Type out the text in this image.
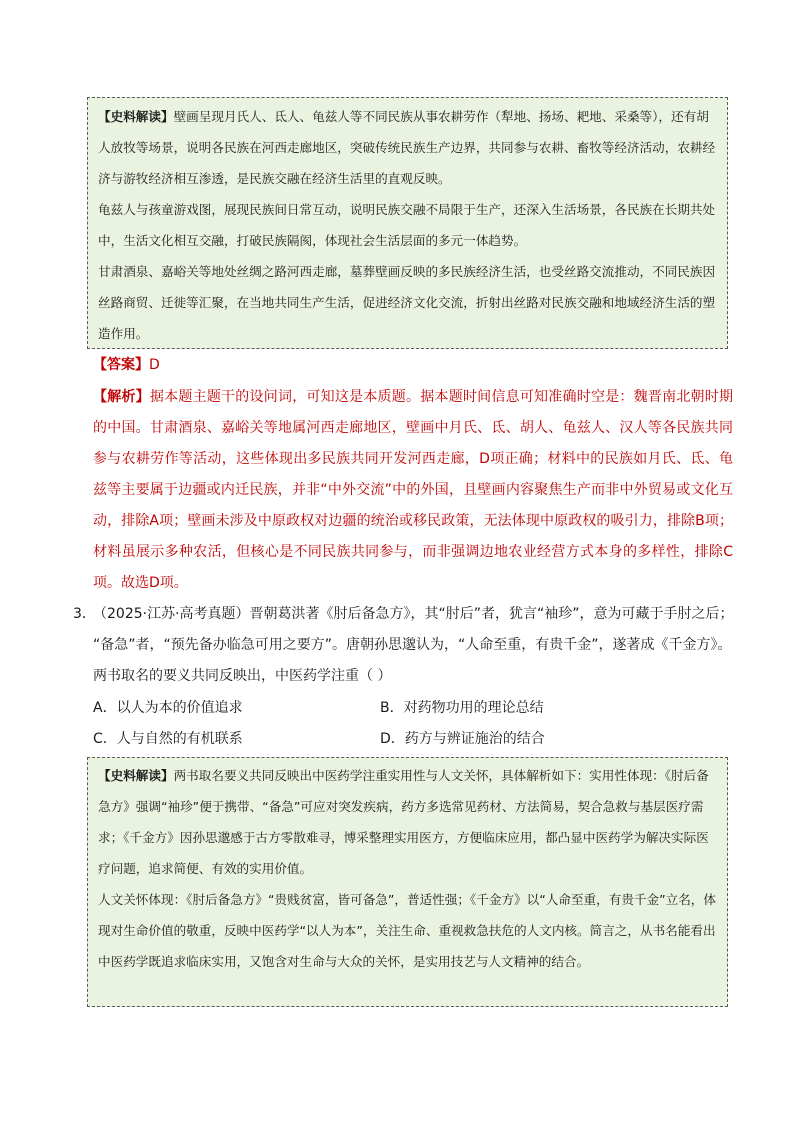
【史料解读】壁画呈现月氏人、氐人、龟兹人等不同民族从事农耕劳作（犁地、扬场、耙地、采桑等），还有胡人放牧等场景，说明各民族在河西走廊地区，突破传统民族生产边界，共同参与农耕、畜牧等经济活动，农耕经济与游牧经济相互渗透，是民族交融在经济生活里的直观反映。

龟兹人与孩童游戏图，展现民族间日常互动，说明民族交融不局限于生产，还深入生活场景，各民族在长期共处中，生活文化相互交融，打破民族隔阂，体现社会生活层面的多元一体趋势。

甘肃酒泉、嘉峪关等地处丝绸之路河西走廊，墓葬壁画反映的多民族经济生活，也受丝路交流推动，不同民族因丝路商贸、迁徙等汇聚，在当地共同生产生活，促进经济文化交流，折射出丝路对民族交融和地域经济生活的塑造作用。

【答案】D
【解析】据本题主题干的设问词，可知这是本质题。据本题时间信息可知准确时空是：魏晋南北朝时期的中国。甘肃酒泉、嘉峪关等地属河西走廊地区，壁画中月氏、氐、胡人、龟兹人、汉人等各民族共同参与农耕劳作等活动，这些体现出多民族共同开发河西走廊，D项正确；材料中的民族如月氏、氐、龟兹等主要属于边疆或内迁民族，并非“中外交流”中的外国，且壁画内容聚焦生产而非中外贸易或文化互动，排除A项；壁画未涉及中原政权对边疆的统治或移民政策，无法体现中原政权的吸引力，排除B项；材料虽展示多种农活，但核心是不同民族共同参与，而非强调边地农业经营方式本身的多样性，排除C项。故选D项。

3．（2025·江苏·高考真题）晋朝葛洪著《肘后备急方》，其“肘后”者，犹言“袖珍”，意为可藏于手肘之后；

“备急”者，“预先备办临急可用之要方”。唐朝孙思邈认为，“人命至重，有贵千金”，遂著成《千金方》。

两书取名的要义共同反映出，中医药学注重（ ）

A．以人为本的价值追求	B．对药物功用的理论总结
C．人与自然的有机联系	D．药方与辨证施治的结合

【史料解读】两书取名要义共同反映出中医药学注重实用性与人文关怀，具体解析如下：实用性体现：《肘后备急方》强调“袖珍”便于携带、“备急”可应对突发疾病，药方多选常见药材、方法简易，契合急救与基层医疗需求；《千金方》因孙思邈感于古方零散难寻，博采整理实用医方，方便临床应用，都凸显中医药学为解决实际医疗问题，追求简便、有效的实用价值。

人文关怀体现：《肘后备急方》“贵贱贫富，皆可备急”，普适性强；《千金方》以“人命至重，有贵千金”立名，体现对生命价值的敬重，反映中医药学“以人为本”，关注生命、重视救急扶危的人文内核。简言之，从书名能看出中医药学既追求临床实用，又饱含对生命与大众的关怀，是实用技艺与人文精神的结合。
